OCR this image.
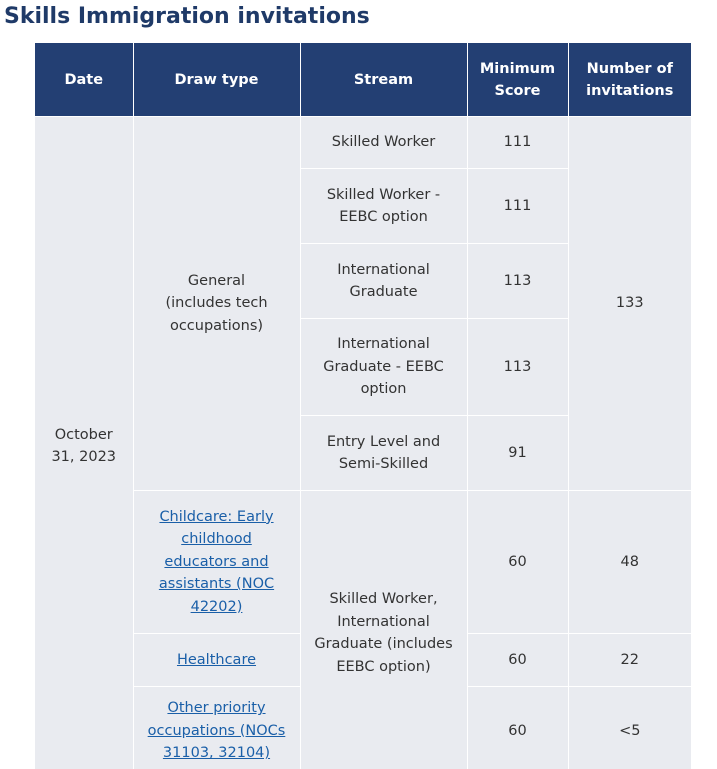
Skills Immigration invitations
Date	Draw type	Stream	Minimum Score	Number of invitations
October 31, 2023	General (includes tech occupations)	Skilled Worker	111	133
		Skilled Worker - EEBC option	111	
		International Graduate	113	
		International Graduate - EEBC option	113	
		Entry Level and Semi-Skilled	91	
	Childcare: Early childhood educators and assistants (NOC 42202)	Skilled Worker, International Graduate (includes EEBC option)	60	48
	Healthcare		60	22
	Other priority occupations (NOCs 31103, 32104)		60	<5
